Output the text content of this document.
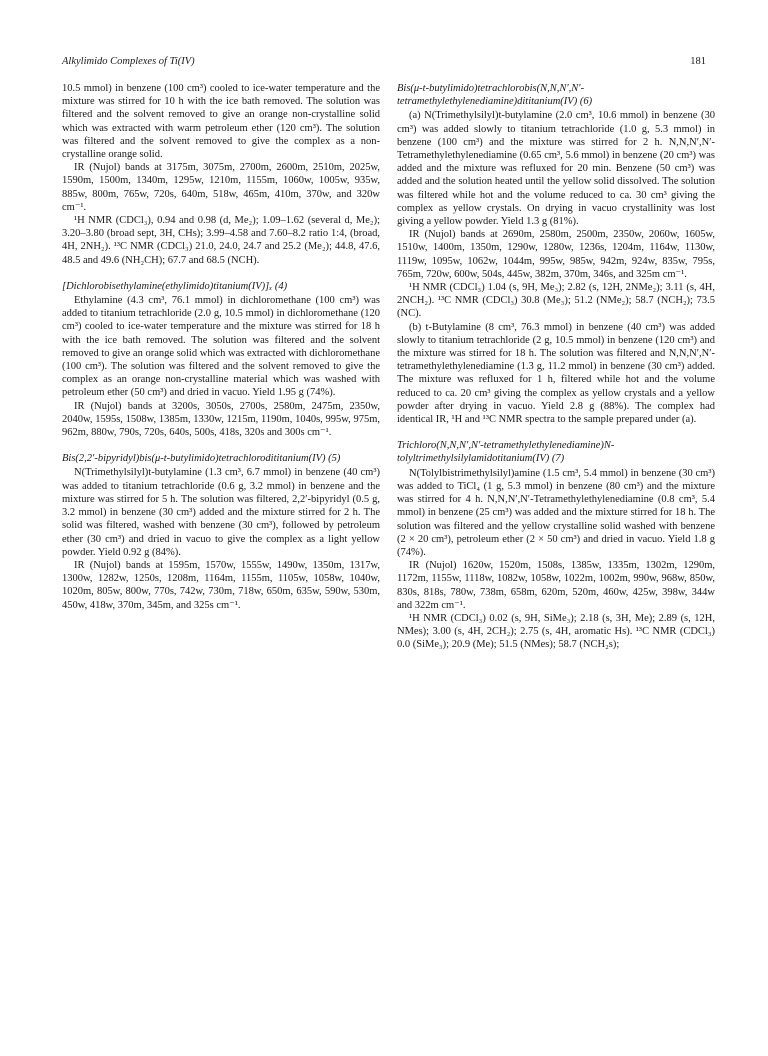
Alkylimido Complexes of Ti(IV)	181

10.5 mmol) in benzene (100 cm³) cooled to ice-water temperature and the mixture was stirred for 10 h with the ice bath removed. The solution was filtered and the solvent removed to give an orange non-crystalline solid which was extracted with warm petroleum ether (120 cm³). The solution was filtered and the solvent removed to give the complex as a non-crystalline orange solid.

IR (Nujol) bands at 3175m, 3075m, 2700m, 2600m, 2510m, 2025w, 1590m, 1500m, 1340m, 1295w, 1210m, 1155m, 1060w, 1005w, 935w, 885w, 800m, 765w, 720s, 640m, 518w, 465m, 410m, 370w, and 320w cm⁻¹.

¹H NMR (CDCl₃), 0.94 and 0.98 (d, Me₂); 1.09–1.62 (several d, Me₂); 3.20–3.80 (broad sept, 3H, CHs); 3.99–4.58 and 7.60–8.2 ratio 1:4, (broad, 4H, 2NH₂). ¹³C NMR (CDCl₃) 21.0, 24.0, 24.7 and 25.2 (Me₂); 44.8, 47.6, 48.5 and 49.6 (NH₂CH); 67.7 and 68.5 (NCH).

[Dichlorobisethylamine(ethylimido)titanium(IV)]ₓ (4)

Ethylamine (4.3 cm³, 76.1 mmol) in dichloromethane (100 cm³) was added to titanium tetrachloride (2.0 g, 10.5 mmol) in dichloromethane (120 cm³) cooled to ice-water temperature and the mixture was stirred for 18 h with the ice bath removed. The solution was filtered and the solvent removed to give an orange solid which was extracted with dichloromethane (100 cm³). The solution was filtered and the solvent removed to give the complex as an orange non-crystalline material which was washed with petroleum ether (50 cm³) and dried in vacuo. Yield 1.95 g (74%).

IR (Nujol) bands at 3200s, 3050s, 2700s, 2580m, 2475m, 2350w, 2040w, 1595s, 1508w, 1385m, 1330w, 1215m, 1190m, 1040s, 995w, 975m, 962m, 880w, 790s, 720s, 640s, 500s, 418s, 320s and 300s cm⁻¹.

Bis(2,2′-bipyridyl)bis(μ-t-butylimido)tetrachlorodititanium(IV) (5)

N(Trimethylsilyl)t-butylamine (1.3 cm³, 6.7 mmol) in benzene (40 cm³) was added to titanium tetrachloride (0.6 g, 3.2 mmol) in benzene and the mixture was stirred for 5 h. The solution was filtered, 2,2′-bipyridyl (0.5 g, 3.2 mmol) in benzene (30 cm³) added and the mixture stirred for 2 h. The solid was filtered, washed with benzene (30 cm³), followed by petroleum ether (30 cm³) and dried in vacuo to give the complex as a light yellow powder. Yield 0.92 g (84%).

IR (Nujol) bands at 1595m, 1570w, 1555w, 1490w, 1350m, 1317w, 1300w, 1282w, 1250s, 1208m, 1164m, 1155m, 1105w, 1058w, 1040w, 1020m, 805w, 800w, 770s, 742w, 730m, 718w, 650m, 635w, 590w, 530m, 450w, 418w, 370m, 345m, and 325s cm⁻¹.

Bis(μ-t-butylimido)tetrachlorobis(N,N,N′,N′-tetramethylethylenediamine)dititanium(IV) (6)

(a) N(Trimethylsilyl)t-butylamine (2.0 cm³, 10.6 mmol) in benzene (30 cm³) was added slowly to titanium tetrachloride (1.0 g, 5.3 mmol) in benzene (100 cm³) and the mixture was stirred for 2 h. N,N,N′,N′-Tetramethylethylenediamine (0.65 cm³, 5.6 mmol) in benzene (20 cm³) was added and the mixture was refluxed for 20 min. Benzene (50 cm³) was added and the solution heated until the yellow solid dissolved. The solution was filtered while hot and the volume reduced to ca. 30 cm³ giving the complex as yellow crystals. On drying in vacuo crystallinity was lost giving a yellow powder. Yield 1.3 g (81%).

IR (Nujol) bands at 2690m, 2580m, 2500m, 2350w, 2060w, 1605w, 1510w, 1400m, 1350m, 1290w, 1280w, 1236s, 1204m, 1164w, 1130w, 1119w, 1095w, 1062w, 1044m, 995w, 985w, 942m, 924w, 835w, 795s, 765m, 720w, 600w, 504s, 445w, 382m, 370m, 346s, and 325m cm⁻¹.

¹H NMR (CDCl₃) 1.04 (s, 9H, Me₃); 2.82 (s, 12H, 2NMe₂); 3.11 (s, 4H, 2NCH₂). ¹³C NMR (CDCl₃) 30.8 (Me₃); 51.2 (NMe₂); 58.7 (NCH₂); 73.5 (NC).

(b) t-Butylamine (8 cm³, 76.3 mmol) in benzene (40 cm³) was added slowly to titanium tetrachloride (2 g, 10.5 mmol) in benzene (120 cm³) and the mixture was stirred for 18 h. The solution was filtered and N,N,N′,N′-tetramethylethylenediamine (1.3 g, 11.2 mmol) in benzene (30 cm³) added. The mixture was refluxed for 1 h, filtered while hot and the volume reduced to ca. 20 cm³ giving the complex as yellow crystals and a yellow powder after drying in vacuo. Yield 2.8 g (88%). The complex had identical IR, ¹H and ¹³C NMR spectra to the sample prepared under (a).

Trichloro(N,N,N′,N′-tetramethylethylenediamine)N-tolyltrimethylsilylamidotitanium(IV) (7)

N(Tolylbistrimethylsilyl)amine (1.5 cm³, 5.4 mmol) in benzene (30 cm³) was added to TiCl₄ (1 g, 5.3 mmol) in benzene (80 cm³) and the mixture was stirred for 4 h. N,N,N′,N′-Tetramethylethylenediamine (0.8 cm³, 5.4 mmol) in benzene (25 cm³) was added and the mixture stirred for 18 h. The solution was filtered and the yellow crystalline solid washed with benzene (2 × 20 cm³), petroleum ether (2 × 50 cm³) and dried in vacuo. Yield 1.8 g (74%).

IR (Nujol) 1620w, 1520m, 1508s, 1385w, 1335m, 1302m, 1290m, 1172m, 1155w, 1118w, 1082w, 1058w, 1022m, 1002m, 990w, 968w, 850w, 830s, 818s, 780w, 738m, 658m, 620m, 520m, 460w, 425w, 398w, 344w and 322m cm⁻¹.

¹H NMR (CDCl₃) 0.02 (s, 9H, SiMe₃); 2.18 (s, 3H, Me); 2.89 (s, 12H, NMes); 3.00 (s, 4H, 2CH₂); 2.75 (s, 4H, aromatic Hs). ¹³C NMR (CDCl₃) 0.0 (SiMe₃); 20.9 (Me); 51.5 (NMes); 58.7 (NCH₂s);
